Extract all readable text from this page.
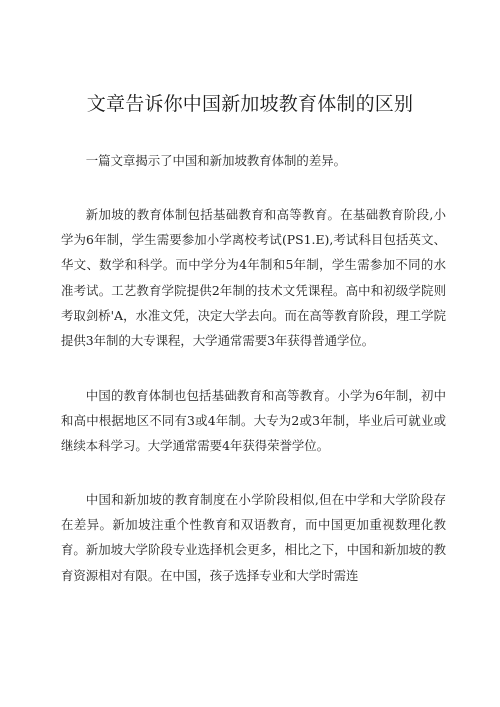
文章告诉你中国新加坡教育体制的区别

一篇文章揭示了中国和新加坡教育体制的差异。

新加坡的教育体制包括基础教育和高等教育。在基础教育阶段,小学为6年制，学生需要参加小学离校考试(PS1.E),考试科目包括英文、华文、数学和科学。而中学分为4年制和5年制，学生需参加不同的水准考试。工艺教育学院提供2年制的技术文凭课程。高中和初级学院则考取剑桥'A，水准文凭，决定大学去向。而在高等教育阶段，理工学院提供3年制的大专课程，大学通常需要3年获得普通学位。

中国的教育体制也包括基础教育和高等教育。小学为6年制，初中和高中根据地区不同有3或4年制。大专为2或3年制，毕业后可就业或继续本科学习。大学通常需要4年获得荣誉学位。

中国和新加坡的教育制度在小学阶段相似,但在中学和大学阶段存在差异。新加坡注重个性教育和双语教育，而中国更加重视数理化教育。新加坡大学阶段专业选择机会更多，相比之下，中国和新加坡的教育资源相对有限。在中国，孩子选择专业和大学时需连
